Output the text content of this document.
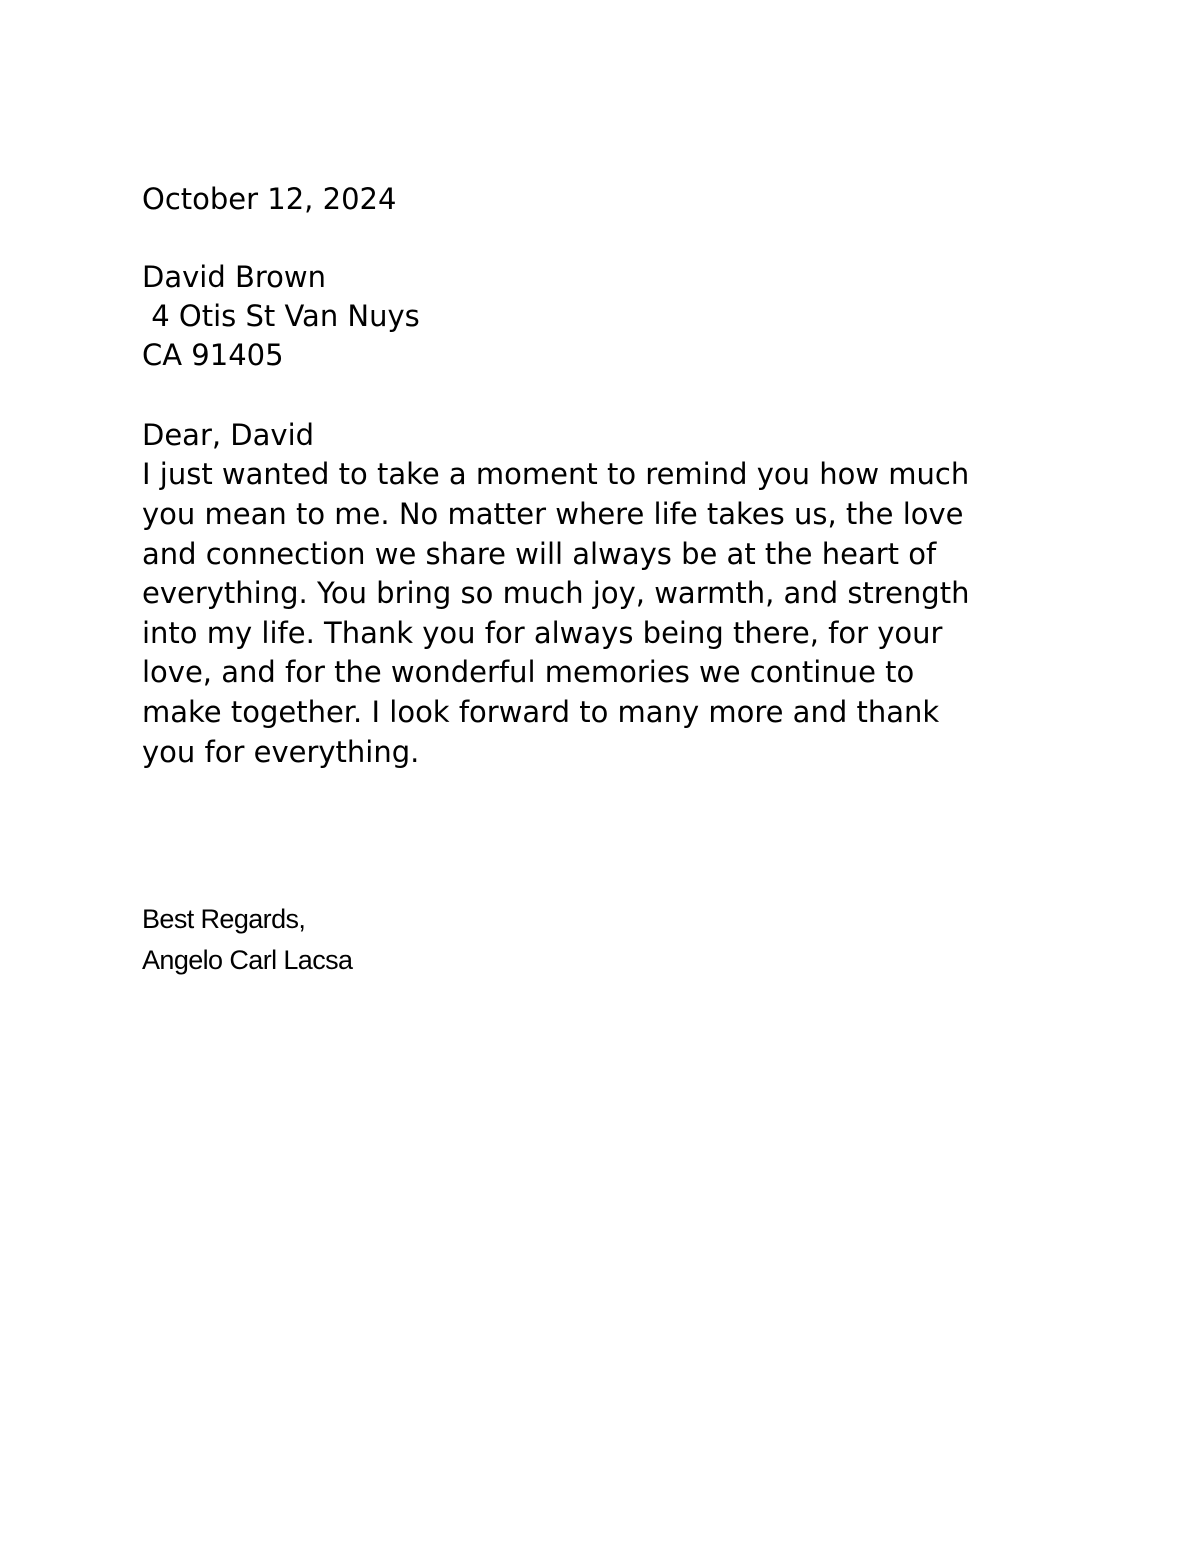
October 12, 2024

David Brown

4 Otis St Van Nuys

CA 91405

Dear, David

I just wanted to take a moment to remind you how much

you mean to me. No matter where life takes us, the love

and connection we share will always be at the heart of

everything. You bring so much joy, warmth, and strength

into my life. Thank you for always being there, for your

love, and for the wonderful memories we continue to

make together. I look forward to many more and thank

you for everything.

Best Regards,

Angelo Carl Lacsa
